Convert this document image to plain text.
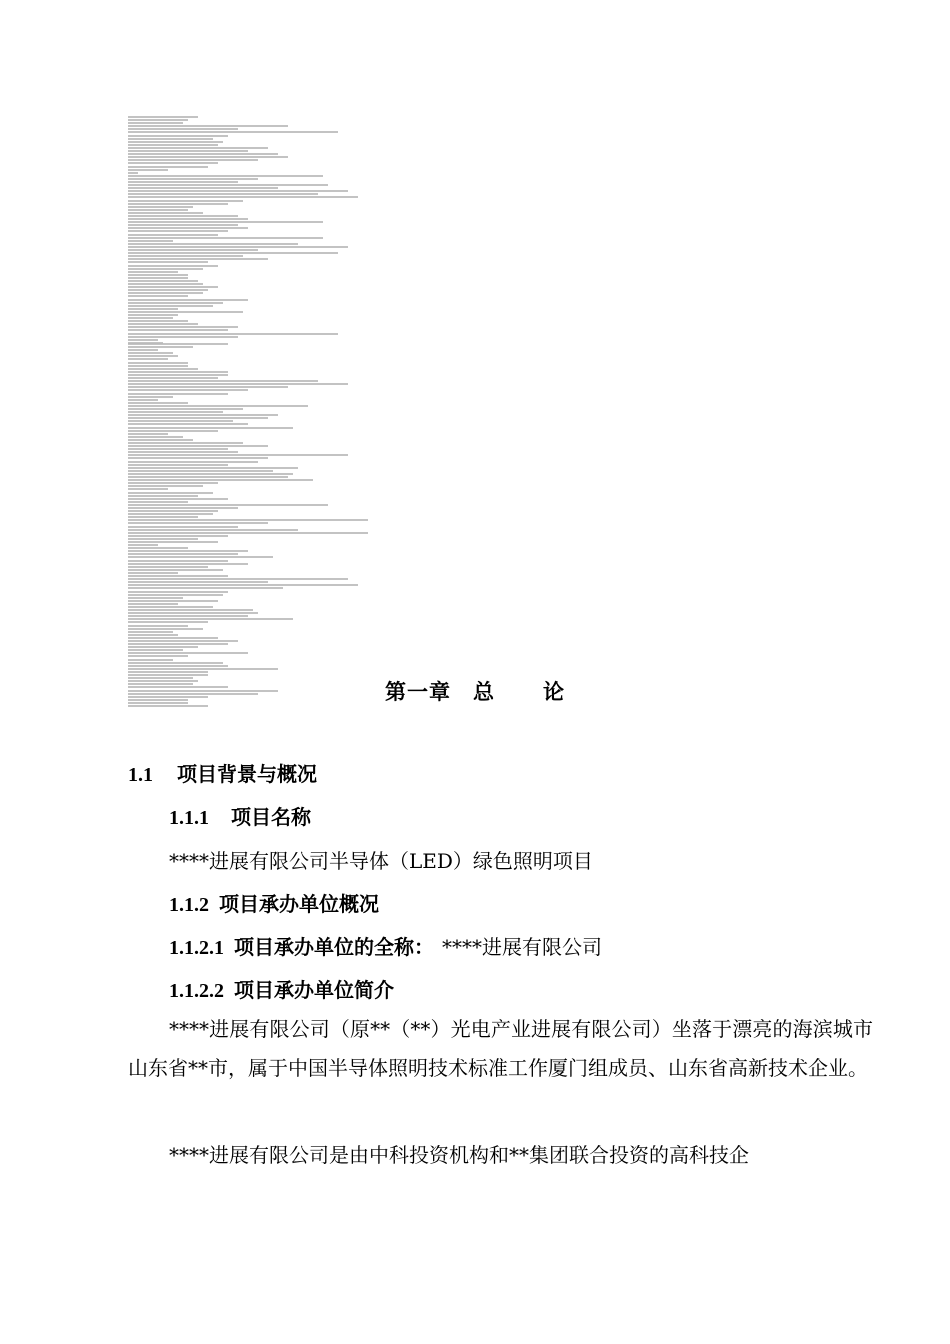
第一章 总 论
1.1 项目背景与概况
1.1.1 项目名称
****进展有限公司半导体（LED）绿色照明项目
1.1.2 项目承办单位概况
1.1.2.1 项目承办单位的全称： ****进展有限公司
1.1.2.2 项目承办单位简介
****进展有限公司（原**（**）光电产业进展有限公司）坐落于漂亮的海滨城市山东省**市，属于中国半导体照明技术标准工作厦门组成员、山东省高新技术企业。
****进展有限公司是由中科投资机构和**集团联合投资的高科技企
